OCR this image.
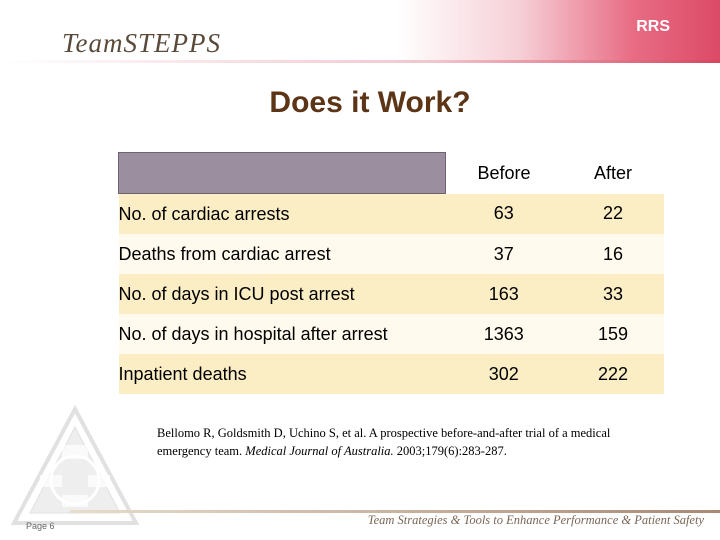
RRS
TeamSTEPPS
Does it Work?
	Before	After
No. of cardiac arrests	63	22
Deaths from cardiac arrest	37	16
No. of days in ICU post arrest	163	33
No. of days in hospital after arrest	1363	159
Inpatient deaths	302	222
Bellomo R, Goldsmith D, Uchino S, et al. A prospective before-and-after trial of a medical emergency team. Medical Journal of Australia. 2003;179(6):283-287.
Page 6	Team Strategies & Tools to Enhance Performance & Patient Safety
